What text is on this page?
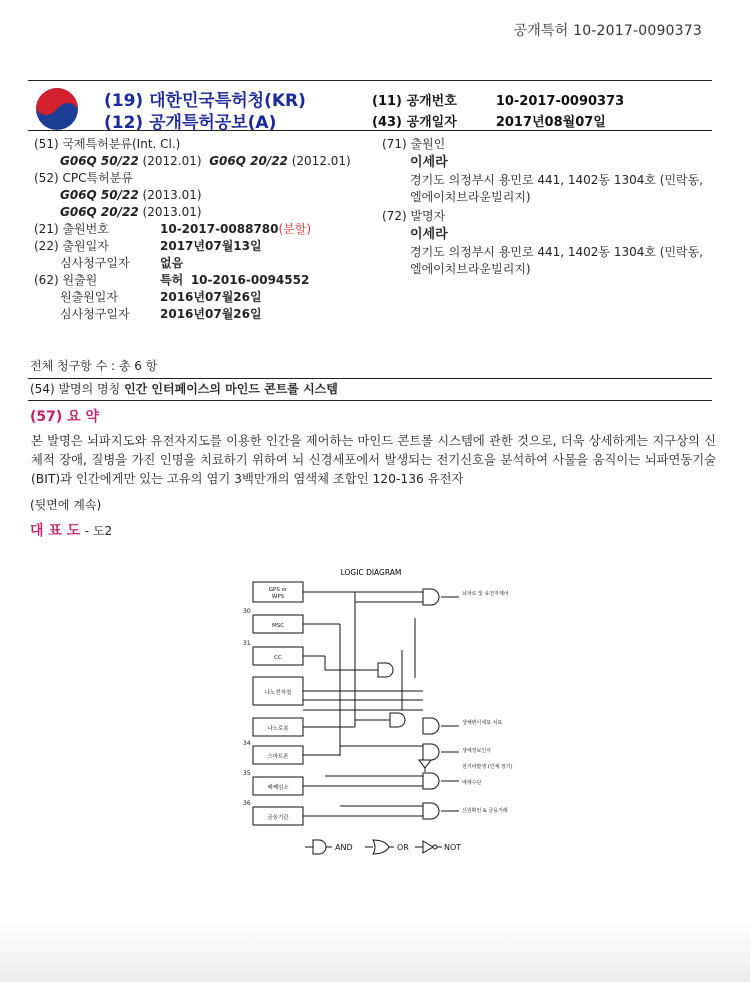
공개특허 10-2017-0090373
(19) 대한민국특허청(KR)
(12) 공개특허공보(A)
(11) 공개번호	10-2017-0090373
(43) 공개일자	2017년08월07일
(51) 국제특허분류(Int. Cl.)
G06Q 50/22 (2012.01) G06Q 20/22 (2012.01)
(52) CPC특허분류
G06Q 50/22 (2013.01)
G06Q 20/22 (2013.01)
(21) 출원번호	10-2017-0088780(분할)
(22) 출원일자	2017년07월13일
심사청구일자	없음
(62) 원출원	특허 10-2016-0094552
원출원일자	2016년07월26일
심사청구일자	2016년07월26일
(71) 출원인
이세라
경기도 의정부시 용민로 441, 1402동 1304호 (민락동, 엘에이치브라운빌리지)
(72) 발명자
이세라
경기도 의정부시 용민로 441, 1402동 1304호 (민락동, 엘에이치브라운빌리지)
전체 청구항 수 : 총 6 항
(54) 발명의 명칭 인간 인터페이스의 마인드 콘트롤 시스템
(57) 요 약
본 발명은 뇌파지도와 유전자지도를 이용한 인간을 제어하는 마인드 콘트롤 시스템에 관한 것으로, 더욱 상세하게는 지구상의 신체적 장애, 질병을 가진 인명을 치료하기 위하여 뇌 신경세포에서 발생되는 전기신호을 분석하여 사물을 움직이는 뇌파연동기술(BIT)과 인간에게만 있는 고유의 염기 3백만개의 염색체 조합인 120-136 유전자
(뒷면에 계속)
대 표 도 - 도2
LOGIC DIAGRAM
GPS or
WPS
MSC
CC
나노전자칩
나노로봇
스마트폰
배째임소
금융기관
30
31
34
35
36
뇌파로 및 유전자제어
생체변이세포 치료
생체정보인식
전기파발생 (인체 장기)
배제수단
신원확인 & 금융거래
AND	OR	NOT
